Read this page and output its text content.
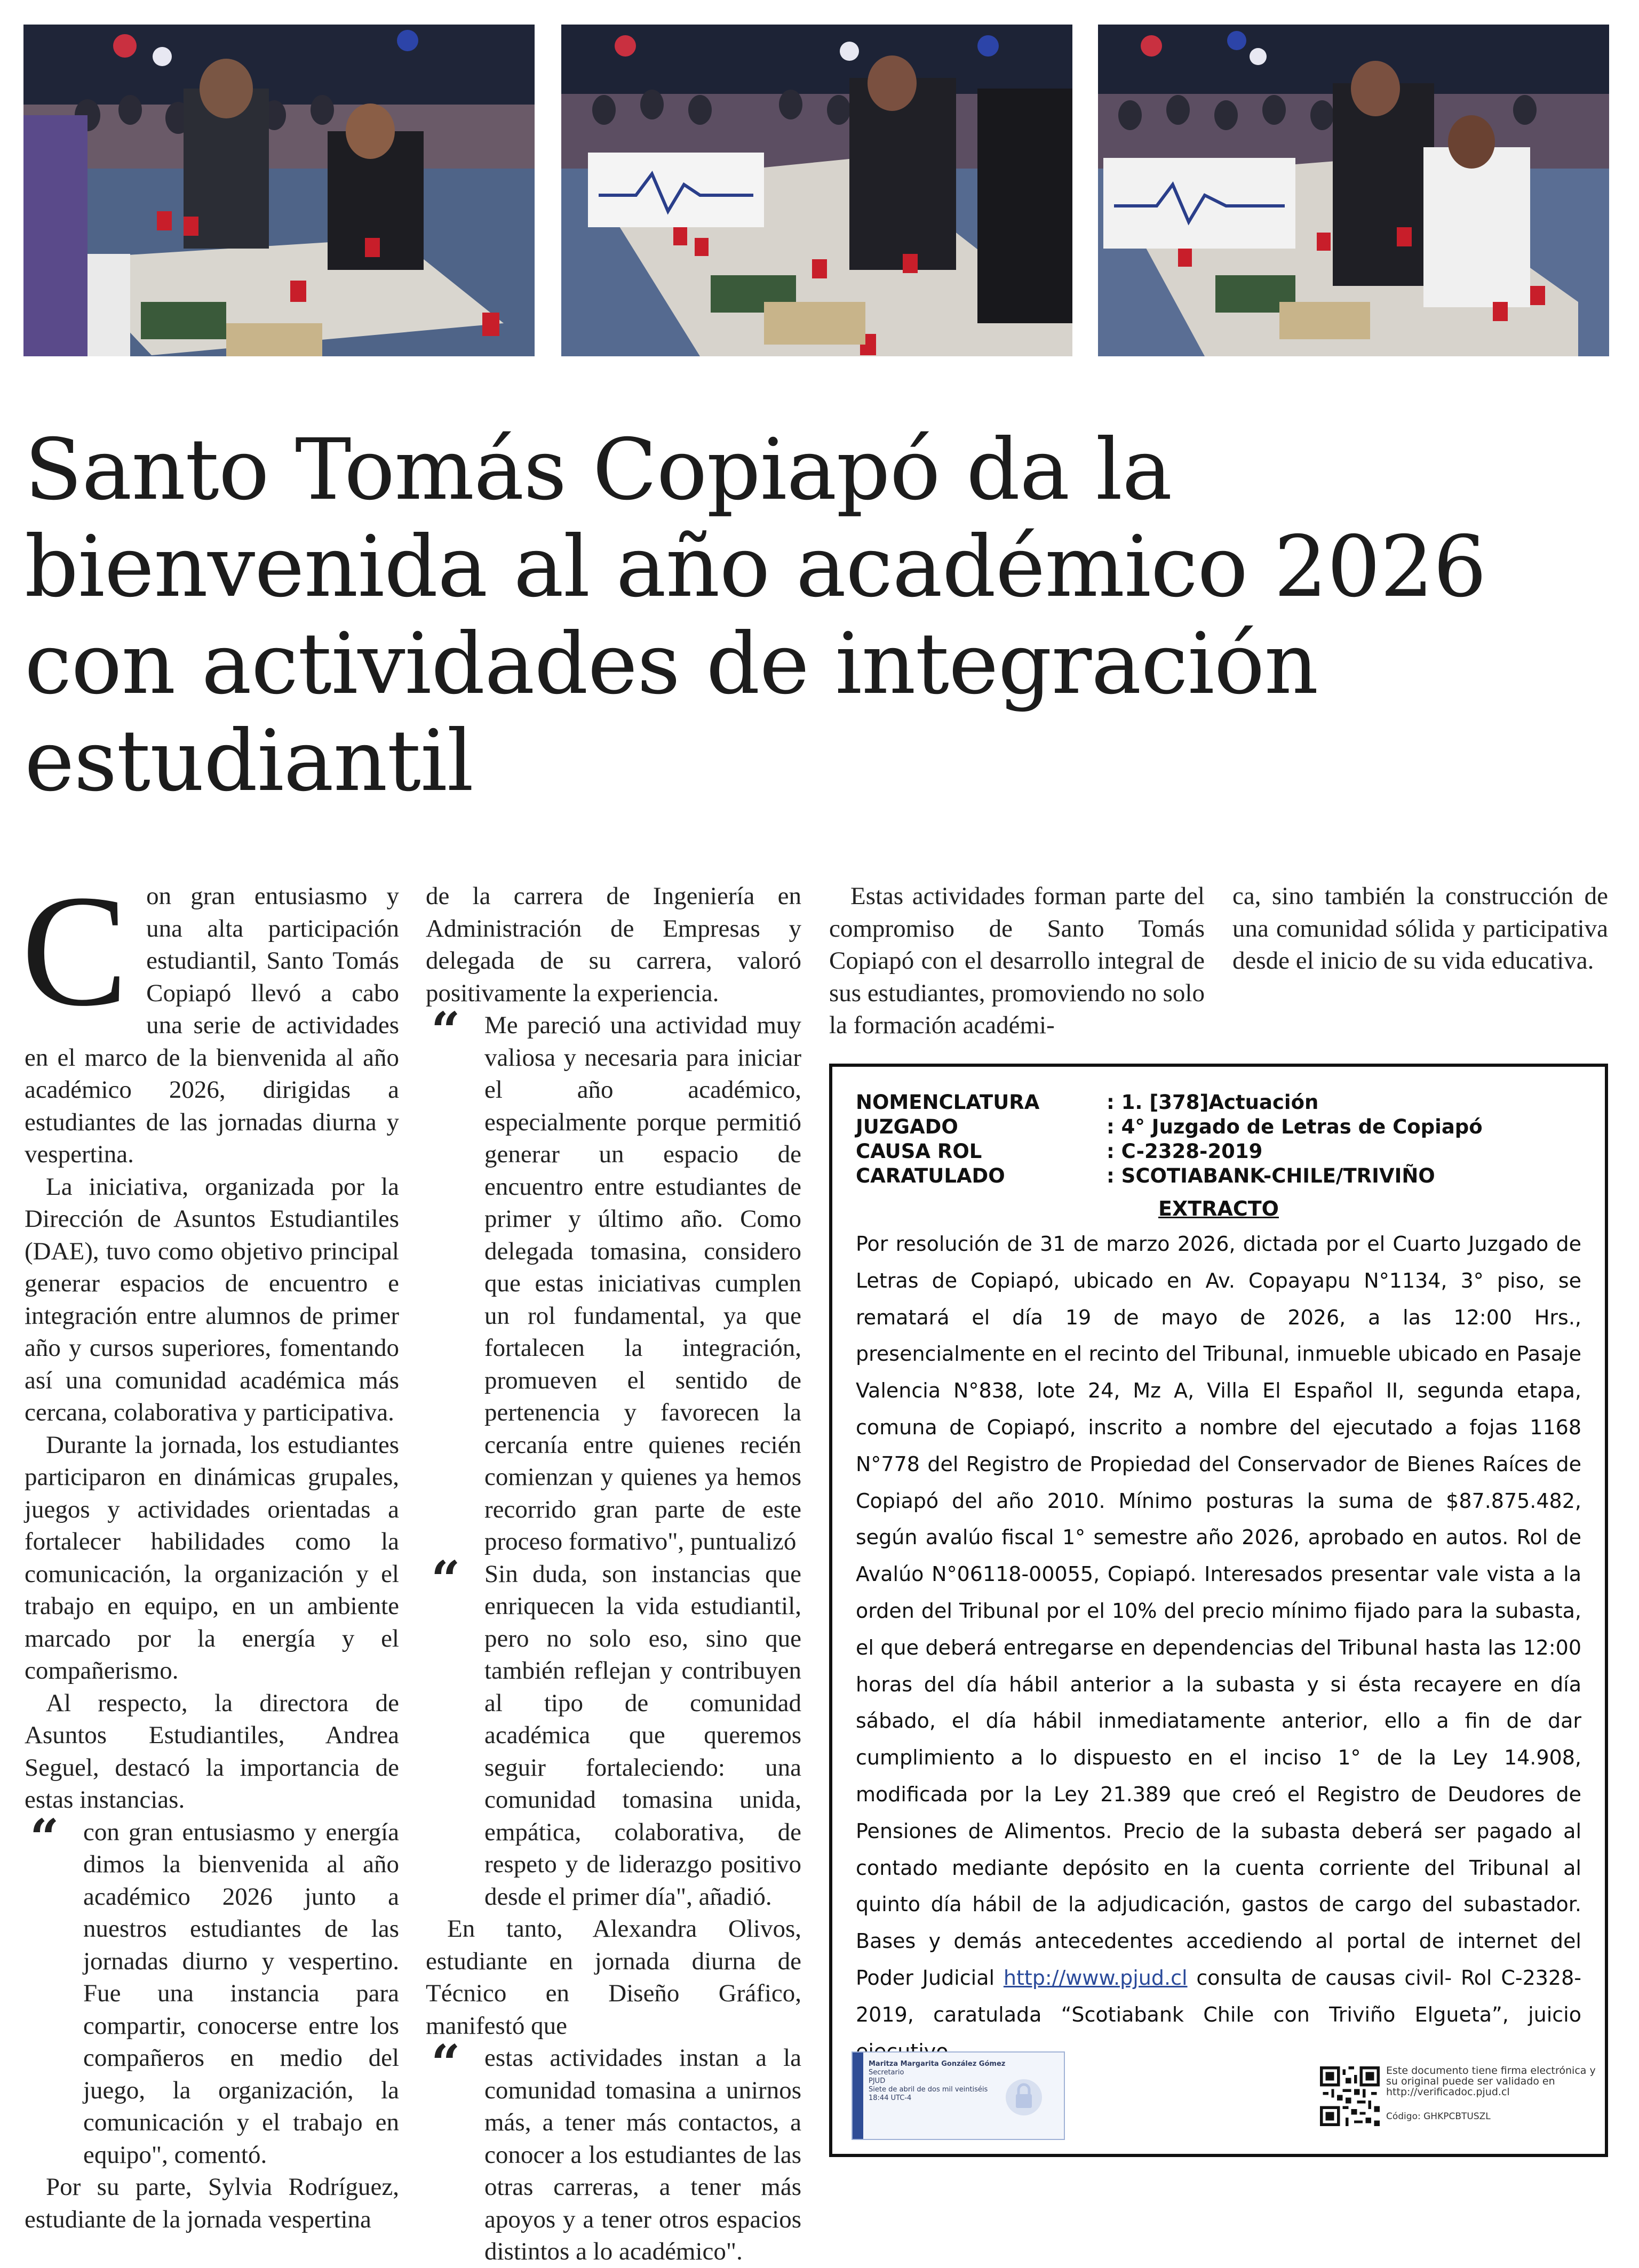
Santo Tomás Copiapó da la bienvenida al año académico 2026 con actividades de integración estudiantil

Con gran entusiasmo y una alta participación estudiantil, Santo Tomás Copiapó llevó a cabo una serie de actividades en el marco de la bienvenida al año académico 2026, dirigidas a estudiantes de las jornadas diurna y vespertina.

La iniciativa, organizada por la Dirección de Asuntos Estudiantiles (DAE), tuvo como objetivo principal generar espacios de encuentro e integración entre alumnos de primer año y cursos superiores, fomentando así una comunidad académica más cercana, colaborativa y participativa.

Durante la jornada, los estudiantes participaron en dinámicas grupales, juegos y actividades orientadas a fortalecer habilidades como la comunicación, la organización y el trabajo en equipo, en un ambiente marcado por la energía y el compañerismo.

Al respecto, la directora de Asuntos Estudiantiles, Andrea Seguel, destacó la importancia de estas instancias.

“ con gran entusiasmo y energía dimos la bienvenida al año académico 2026 junto a nuestros estudiantes de las jornadas diurno y vespertino. Fue una instancia para compartir, conocerse entre los compañeros en medio del juego, la organización, la comunicación y el trabajo en equipo", comentó.

Por su parte, Sylvia Rodríguez, estudiante de la jornada vespertina

de la carrera de Ingeniería en Administración de Empresas y delegada de su carrera, valoró positivamente la experiencia.

“ Me pareció una actividad muy valiosa y necesaria para iniciar el año académico, especialmente porque permitió generar un espacio de encuentro entre estudiantes de primer y último año. Como delegada tomasina, considero que estas iniciativas cumplen un rol fundamental, ya que fortalecen la integración, promueven el sentido de pertenencia y favorecen la cercanía entre quienes recién comienzan y quienes ya hemos recorrido gran parte de este proceso formativo", puntualizó

“ Sin duda, son instancias que enriquecen la vida estudiantil, pero no solo eso, sino que también reflejan y contribuyen al tipo de comunidad académica que queremos seguir fortaleciendo: una comunidad tomasina unida, empática, colaborativa, de respeto y de liderazgo positivo desde el primer día", añadió.

En tanto, Alexandra Olivos, estudiante en jornada diurna de Técnico en Diseño Gráfico, manifestó que

“ estas actividades instan a la comunidad tomasina a unirnos más, a tener más contactos, a conocer a los estudiantes de las otras carreras, a tener más apoyos y a tener otros espacios distintos a lo académico".

Estas actividades forman parte del compromiso de Santo Tomás Copiapó con el desarrollo integral de sus estudiantes, promoviendo no solo la formación académi-

ca, sino también la construcción de una comunidad sólida y participativa desde el inicio de su vida educativa.

NOMENCLATURA	: 1. [378]Actuación
JUZGADO	: 4° Juzgado de Letras de Copiapó
CAUSA ROL	: C-2328-2019
CARATULADO	: SCOTIABANK-CHILE/TRIVIÑO
EXTRACTO

Por resolución de 31 de marzo 2026, dictada por el Cuarto Juzgado de Letras de Copiapó, ubicado en Av. Copayapu N°1134, 3° piso, se rematará el día 19 de mayo de 2026, a las 12:00 Hrs., presencialmente en el recinto del Tribunal, inmueble ubicado en Pasaje Valencia N°838, lote 24, Mz A, Villa El Español II, segunda etapa, comuna de Copiapó, inscrito a nombre del ejecutado a fojas 1168 N°778 del Registro de Propiedad del Conservador de Bienes Raíces de Copiapó del año 2010. Mínimo posturas la suma de $87.875.482, según avalúo fiscal 1° semestre año 2026, aprobado en autos. Rol de Avalúo N°06118-00055, Copiapó. Interesados presentar vale vista a la orden del Tribunal por el 10% del precio mínimo fijado para la subasta, el que deberá entregarse en dependencias del Tribunal hasta las 12:00 horas del día hábil anterior a la subasta y si ésta recayere en día sábado, el día hábil inmediatamente anterior, ello a fin de dar cumplimiento a lo dispuesto en el inciso 1° de la Ley 14.908, modificada por la Ley 21.389 que creó el Registro de Deudores de Pensiones de Alimentos. Precio de la subasta deberá ser pagado al contado mediante depósito en la cuenta corriente del Tribunal al quinto día hábil de la adjudicación, gastos de cargo del subastador. Bases y demás antecedentes accediendo al portal de internet del Poder Judicial http://www.pjud.cl consulta de causas civil- Rol C-2328-2019, caratulada “Scotiabank Chile con Triviño Elgueta”, juicio

Maritza Margarita González Gómez
Secretario
PJUD
Siete de abril de dos mil veintiséis
18:44 UTC-4
Este documento tiene firma electrónica y su original puede ser validado en http://verificadoc.pjud.cl
Código: GHKPCBTUSZL
